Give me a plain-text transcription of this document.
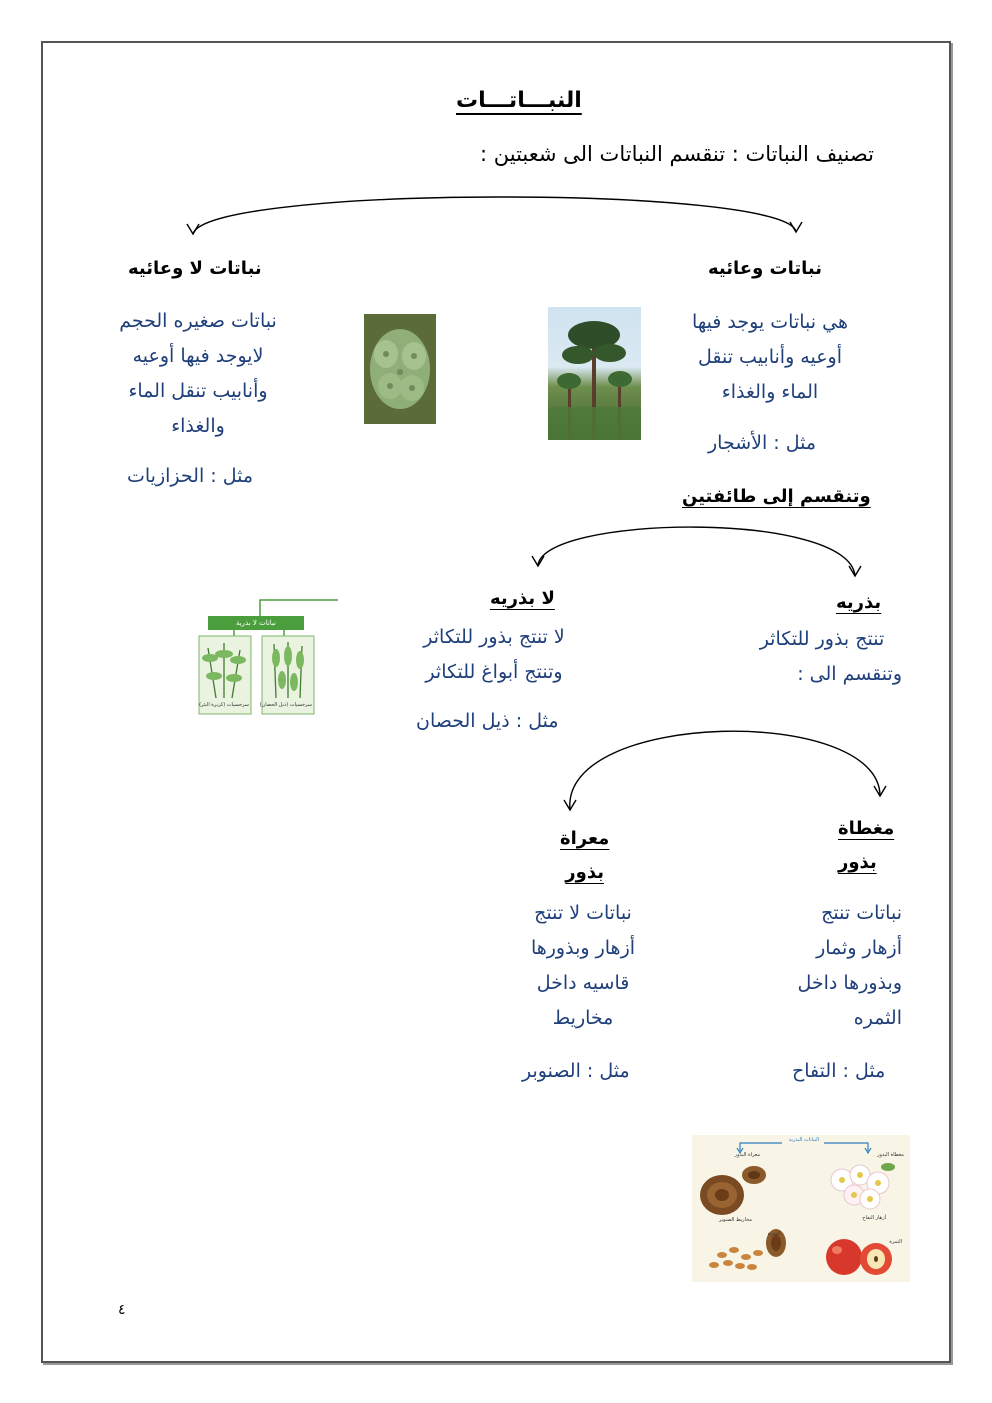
النبـــاتـــات
تصنيف النباتات : تنقسم النباتات الى شعبتين :
نباتات وعائيه
هي نباتات يوجد فيها
أوعيه وأنابيب تنقل
الماء والغذاء
مثل : الأشجار
وتنقسم إلى طائفتين
نباتات لا وعائيه
نباتات صغيره الحجم
لايوجد فيها أوعيه
وأنابيب تنقل الماء
والغذاء
مثل : الحزازيات
بذريه
تنتج بذور للتكاثر
وتنقسم الى :
لا بذريه
لا تنتج بذور للتكاثر
وتنتج أبواغ للتكاثر
مثل : ذيل الحصان
نباتات لا بذرية
سرخسيات (كزبرة البئر) سرخسيات (ذيل الحصان)
مغطاة
بذور
نباتات تنتج
أزهار وثمار
وبذورها داخل
الثمره
مثل : التفاح
معراة
بذور
نباتات لا تنتج
أزهار وبذورها
قاسيه داخل
مخاريط
مثل : الصنوبر
النباتات البذرية
معراة البذور	مغطاة البذور
مخاريط الصنوبر	أزهار التفاح
البذرة
الثمرة
٤
